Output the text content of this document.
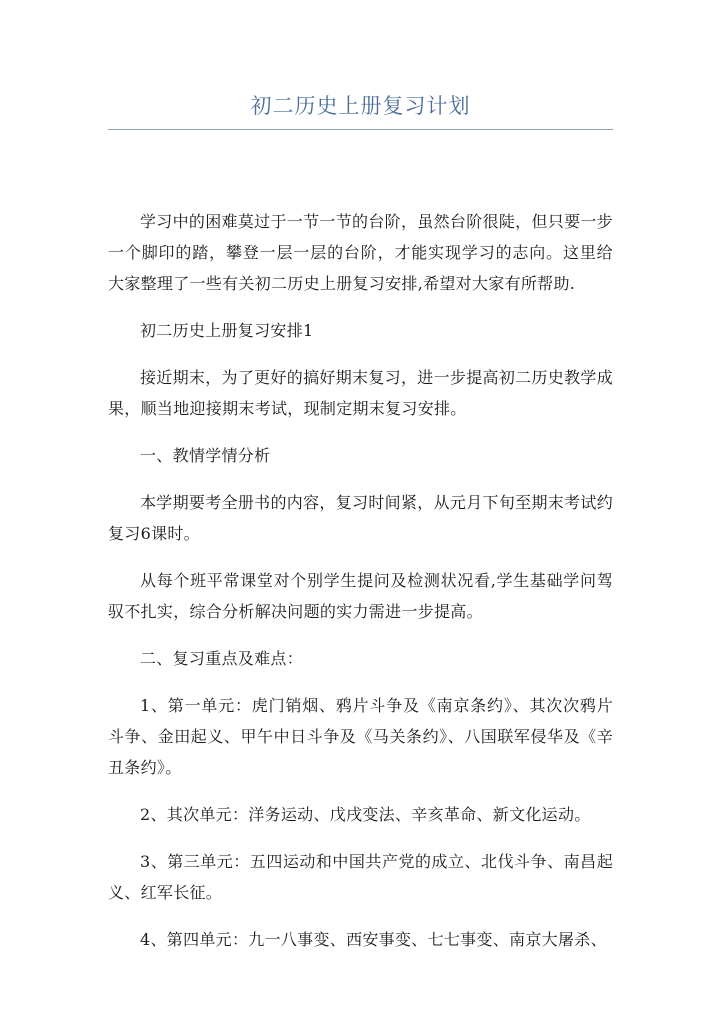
初二历史上册复习计划

学习中的困难莫过于一节一节的台阶，虽然台阶很陡，但只要一步一个脚印的踏，攀登一层一层的台阶，才能实现学习的志向。这里给大家整理了一些有关初二历史上册复习安排,希望对大家有所帮助.

初二历史上册复习安排1

接近期末，为了更好的搞好期末复习，进一步提高初二历史教学成果，顺当地迎接期末考试，现制定期末复习安排。

一、教情学情分析

本学期要考全册书的内容，复习时间紧，从元月下旬至期末考试约复习6课时。

从每个班平常课堂对个别学生提问及检测状况看,学生基础学问驾驭不扎实，综合分析解决问题的实力需进一步提高。

二、复习重点及难点：

1、第一单元：虎门销烟、鸦片斗争及《南京条约》、其次次鸦片斗争、金田起义、甲午中日斗争及《马关条约》、八国联军侵华及《辛丑条约》。

2、其次单元：洋务运动、戊戌变法、辛亥革命、新文化运动。

3、第三单元：五四运动和中国共产党的成立、北伐斗争、南昌起义、红军长征。

4、第四单元：九一八事变、西安事变、七七事变、南京大屠杀、
